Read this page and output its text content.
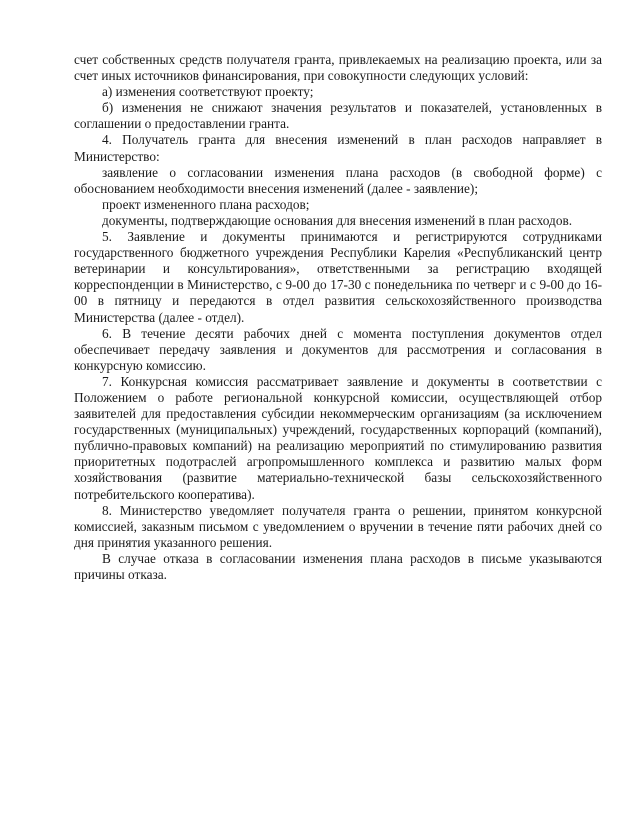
счет собственных средств получателя гранта, привлекаемых на реализацию проекта, или за счет иных источников финансирования, при совокупности следующих условий:

а) изменения соответствуют проекту;

б) изменения не снижают значения результатов и показателей, установленных в соглашении о предоставлении гранта.

4. Получатель гранта для внесения изменений в план расходов направляет в Министерство:

заявление о согласовании изменения плана расходов (в свободной форме) с обоснованием необходимости внесения изменений (далее - заявление);

проект измененного плана расходов;

документы, подтверждающие основания для внесения изменений в план расходов.

5. Заявление и документы принимаются и регистрируются сотрудниками государственного бюджетного учреждения Республики Карелия «Республиканский центр ветеринарии и консультирования», ответственными за регистрацию входящей корреспонденции в Министерство, с 9-00 до 17-30 с понедельника по четверг и с 9-00 до 16-00 в пятницу и передаются в отдел развития сельскохозяйственного производства Министерства (далее - отдел).

6. В течение десяти рабочих дней с момента поступления документов отдел обеспечивает передачу заявления и документов для рассмотрения и согласования в конкурсную комиссию.

7. Конкурсная комиссия рассматривает заявление и документы в соответствии с Положением о работе региональной конкурсной комиссии, осуществляющей отбор заявителей для предоставления субсидии некоммерческим организациям (за исключением государственных (муниципальных) учреждений, государственных корпораций (компаний), публично-правовых компаний) на реализацию мероприятий по стимулированию развития приоритетных подотраслей агропромышленного комплекса и развитию малых форм хозяйствования (развитие материально-технической базы сельскохозяйственного потребительского кооператива).

8. Министерство уведомляет получателя гранта о решении, принятом конкурсной комиссией, заказным письмом с уведомлением о вручении в течение пяти рабочих дней со дня принятия указанного решения.

В случае отказа в согласовании изменения плана расходов в письме указываются причины отказа.
